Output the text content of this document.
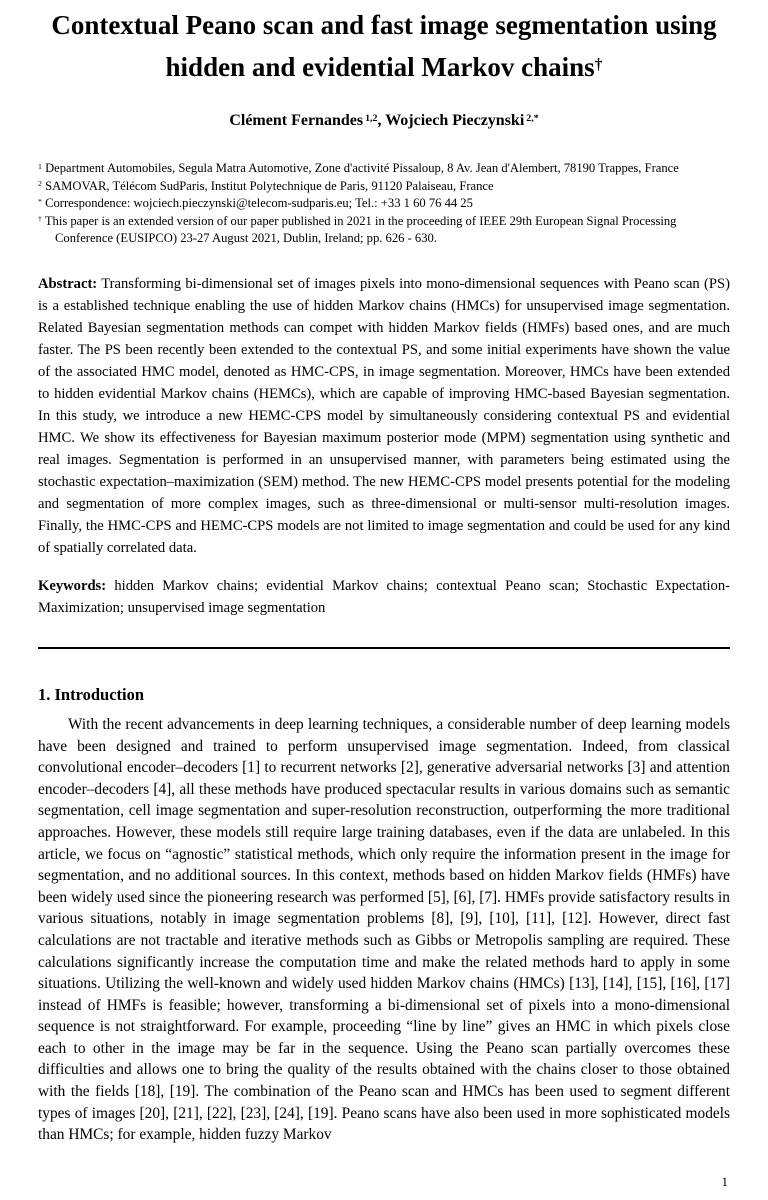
Contextual Peano scan and fast image segmentation using hidden and evidential Markov chains†

Clément Fernandes $^{1,2}$, Wojciech Pieczynski $^{2,*}$

$^1$ Department Automobiles, Segula Matra Automotive, Zone d'activité Pissaloup, 8 Av. Jean d'Alembert, 78190 Trappes, France
$^2$ SAMOVAR, Télécom SudParis, Institut Polytechnique de Paris, 91120 Palaiseau, France
* Correspondence: wojciech.pieczynski@telecom-sudparis.eu; Tel.: +33 1 60 76 44 25
† This paper is an extended version of our paper published in 2021 in the proceeding of IEEE 29th European Signal Processing Conference (EUSIPCO) 23-27 August 2021, Dublin, Ireland; pp. 626 - 630.

Abstract: Transforming bi-dimensional set of images pixels into mono-dimensional sequences with Peano scan (PS) is a established technique enabling the use of hidden Markov chains (HMCs) for unsupervised image segmentation. Related Bayesian segmentation methods can compet with hidden Markov fields (HMFs) based ones, and are much faster. The PS been recently been extended to the contextual PS, and some initial experiments have shown the value of the associated HMC model, denoted as HMC-CPS, in image segmentation. Moreover, HMCs have been extended to hidden evidential Markov chains (HEMCs), which are capable of improving HMC-based Bayesian segmentation. In this study, we introduce a new HEMC-CPS model by simultaneously considering contextual PS and evidential HMC. We show its effectiveness for Bayesian maximum posterior mode (MPM) segmentation using synthetic and real images. Segmentation is performed in an unsupervised manner, with parameters being estimated using the stochastic expectation–maximization (SEM) method. The new HEMC-CPS model presents potential for the modeling and segmentation of more complex images, such as three-dimensional or multi-sensor multi-resolution images. Finally, the HMC-CPS and HEMC-CPS models are not limited to image segmentation and could be used for any kind of spatially correlated data.

Keywords: hidden Markov chains; evidential Markov chains; contextual Peano scan; Stochastic Expectation-Maximization; unsupervised image segmentation

1. Introduction

With the recent advancements in deep learning techniques, a considerable number of deep learning models have been designed and trained to perform unsupervised image segmentation. Indeed, from classical convolutional encoder–decoders [1] to recurrent networks [2], generative adversarial networks [3] and attention encoder–decoders [4], all these methods have produced spectacular results in various domains such as semantic segmentation, cell image segmentation and super-resolution reconstruction, outperforming the more traditional approaches. However, these models still require large training databases, even if the data are unlabeled. In this article, we focus on “agnostic” statistical methods, which only require the information present in the image for segmentation, and no additional sources. In this context, methods based on hidden Markov fields (HMFs) have been widely used since the pioneering research was performed [5], [6], [7]. HMFs provide satisfactory results in various situations, notably in image segmentation problems [8], [9], [10], [11], [12]. However, direct fast calculations are not tractable and iterative methods such as Gibbs or Metropolis sampling are required. These calculations significantly increase the computation time and make the related methods hard to apply in some situations. Utilizing the well-known and widely used hidden Markov chains (HMCs) [13], [14], [15], [16], [17] instead of HMFs is feasible; however, transforming a bi-dimensional set of pixels into a mono-dimensional sequence is not straightforward. For example, proceeding “line by line” gives an HMC in which pixels close each to other in the image may be far in the sequence. Using the Peano scan partially overcomes these difficulties and allows one to bring the quality of the results obtained with the chains closer to those obtained with the fields [18], [19]. The combination of the Peano scan and HMCs has been used to segment different types of images [20], [21], [22], [23], [24], [19]. Peano scans have also been used in more sophisticated models than HMCs; for example, hidden fuzzy Markov

1
